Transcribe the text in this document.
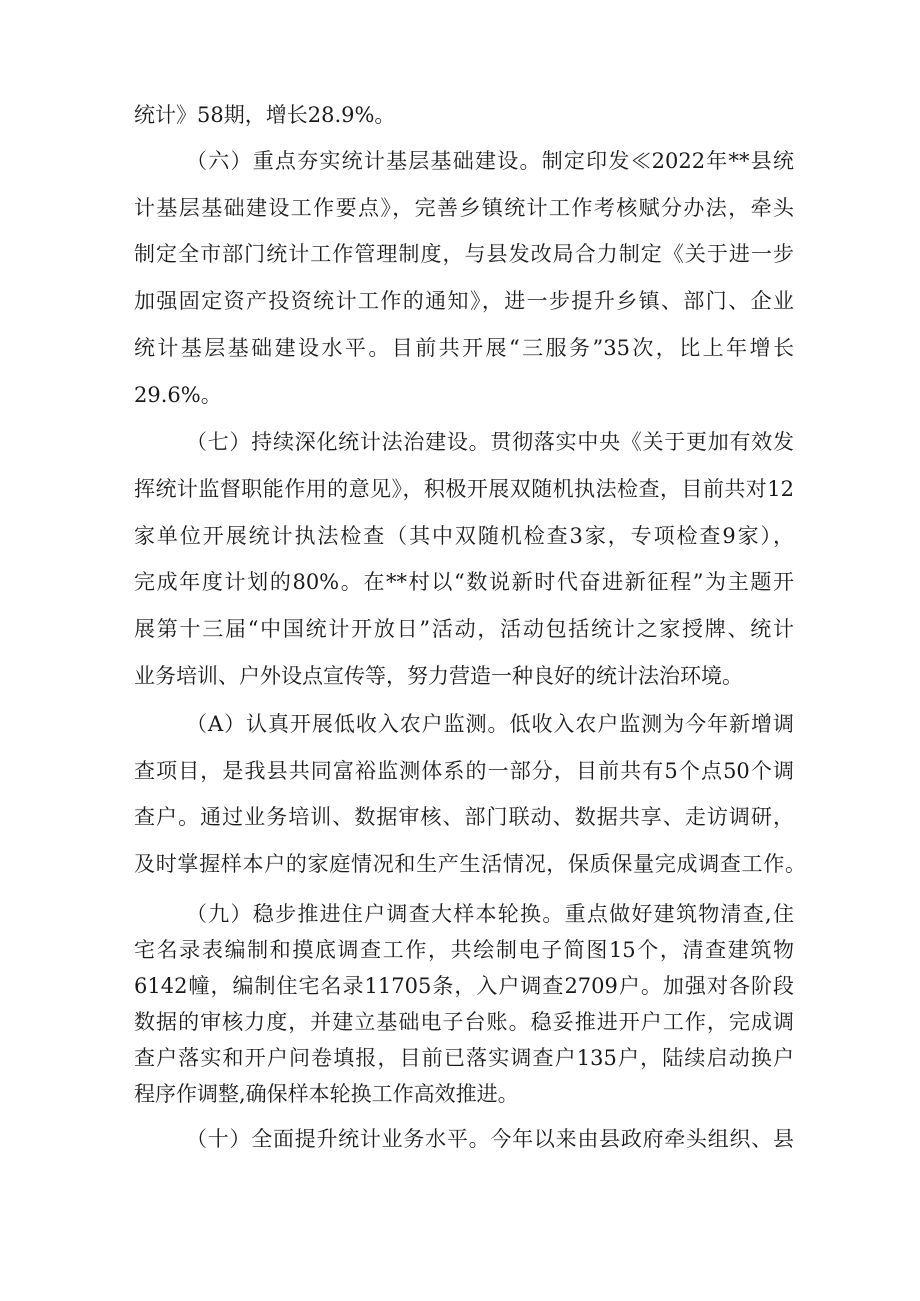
统计》58期，增长28.9%。
（六）重点夯实统计基层基础建设。制定印发≪2022年**县统
计基层基础建设工作要点》，完善乡镇统计工作考核赋分办法，牵头
制定全市部门统计工作管理制度，与县发改局合力制定《关于进一步
加强固定资产投资统计工作的通知》，进一步提升乡镇、部门、企业
统计基层基础建设水平。目前共开展“三服务”35次，比上年增长
29.6%。
（七）持续深化统计法治建设。贯彻落实中央《关于更加有效发
挥统计监督职能作用的意见》，积极开展双随机执法检查，目前共对12
家单位开展统计执法检查（其中双随机检查3家，专项检查9家），
完成年度计划的80%。在**村以“数说新时代奋进新征程”为主题开
展第十三届“中国统计开放日”活动，活动包括统计之家授牌、统计
业务培训、户外设点宣传等，努力营造一种良好的统计法治环境。
（A）认真开展低收入农户监测。低收入农户监测为今年新增调
查项目，是我县共同富裕监测体系的一部分，目前共有5个点50个调
查户。通过业务培训、数据审核、部门联动、数据共享、走访调研，
及时掌握样本户的家庭情况和生产生活情况，保质保量完成调查工作。
（九）稳步推进住户调查大样本轮换。重点做好建筑物清查,住
宅名录表编制和摸底调查工作，共绘制电子简图15个，清查建筑物
6142幢，编制住宅名录11705条，入户调查2709户。加强对各阶段
数据的审核力度，并建立基础电子台账。稳妥推进开户工作，完成调
查户落实和开户问卷填报，目前已落实调查户135户，陆续启动换户
程序作调整,确保样本轮换工作高效推进。
（十）全面提升统计业务水平。今年以来由县政府牵头组织、县
